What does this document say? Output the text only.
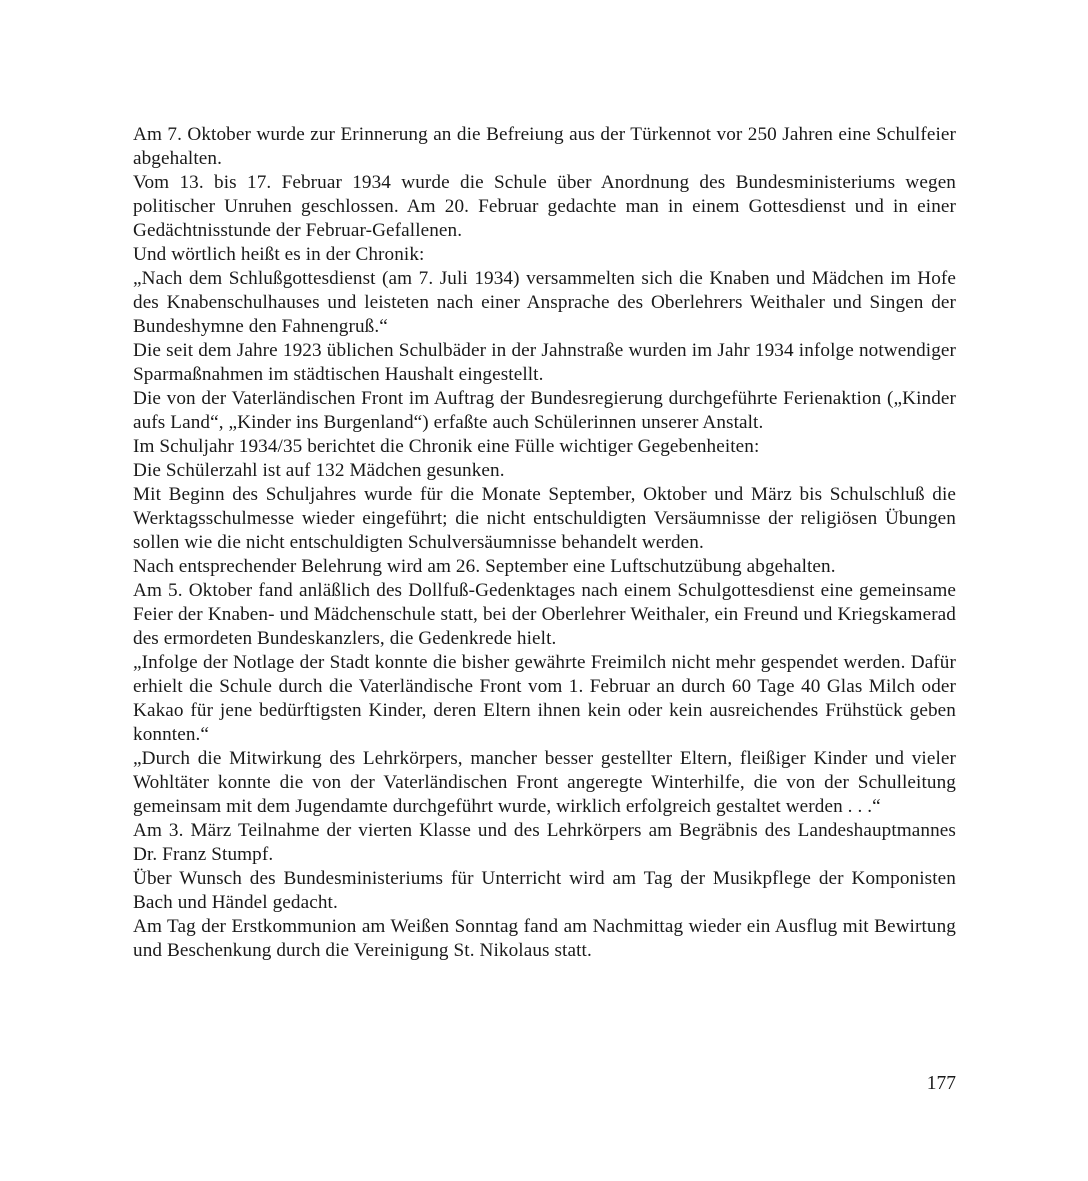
Am 7. Oktober wurde zur Erinnerung an die Befreiung aus der Türkennot vor 250 Jahren eine Schulfeier abgehalten.

Vom 13. bis 17. Februar 1934 wurde die Schule über Anordnung des Bundesministeriums wegen politischer Unruhen geschlossen. Am 20. Februar gedachte man in einem Gottesdienst und in einer Gedächtnisstunde der Februar-Gefallenen.

Und wörtlich heißt es in der Chronik:

„Nach dem Schlußgottesdienst (am 7. Juli 1934) versammelten sich die Knaben und Mädchen im Hofe des Knabenschulhauses und leisteten nach einer Ansprache des Oberlehrers Weithaler und Singen der Bundeshymne den Fahnengruß.“

Die seit dem Jahre 1923 üblichen Schulbäder in der Jahnstraße wurden im Jahr 1934 infolge notwendiger Sparmaßnahmen im städtischen Haushalt eingestellt.

Die von der Vaterländischen Front im Auftrag der Bundesregierung durchgeführte Ferienaktion („Kinder aufs Land“, „Kinder ins Burgenland“) erfaßte auch Schülerinnen unserer Anstalt.

Im Schuljahr 1934/35 berichtet die Chronik eine Fülle wichtiger Gegebenheiten:

Die Schülerzahl ist auf 132 Mädchen gesunken.

Mit Beginn des Schuljahres wurde für die Monate September, Oktober und März bis Schulschluß die Werktagsschulmesse wieder eingeführt; die nicht entschuldigten Versäumnisse der religiösen Übungen sollen wie die nicht entschuldigten Schulversäumnisse behandelt werden.

Nach entsprechender Belehrung wird am 26. September eine Luftschutzübung abgehalten.

Am 5. Oktober fand anläßlich des Dollfuß-Gedenktages nach einem Schulgottesdienst eine gemeinsame Feier der Knaben- und Mädchenschule statt, bei der Oberlehrer Weithaler, ein Freund und Kriegskamerad des ermordeten Bundeskanzlers, die Gedenkrede hielt.

„Infolge der Notlage der Stadt konnte die bisher gewährte Freimilch nicht mehr gespendet werden. Dafür erhielt die Schule durch die Vaterländische Front vom 1. Februar an durch 60 Tage 40 Glas Milch oder Kakao für jene bedürftigsten Kinder, deren Eltern ihnen kein oder kein ausreichendes Frühstück geben konnten.“

„Durch die Mitwirkung des Lehrkörpers, mancher besser gestellter Eltern, fleißiger Kinder und vieler Wohltäter konnte die von der Vaterländischen Front angeregte Winterhilfe, die von der Schulleitung gemeinsam mit dem Jugendamte durchgeführt wurde, wirklich erfolgreich gestaltet werden . . .“

Am 3. März Teilnahme der vierten Klasse und des Lehrkörpers am Begräbnis des Landeshauptmannes Dr. Franz Stumpf.

Über Wunsch des Bundesministeriums für Unterricht wird am Tag der Musikpflege der Komponisten Bach und Händel gedacht.

Am Tag der Erstkommunion am Weißen Sonntag fand am Nachmittag wieder ein Ausflug mit Bewirtung und Beschenkung durch die Vereinigung St. Nikolaus statt.

177
